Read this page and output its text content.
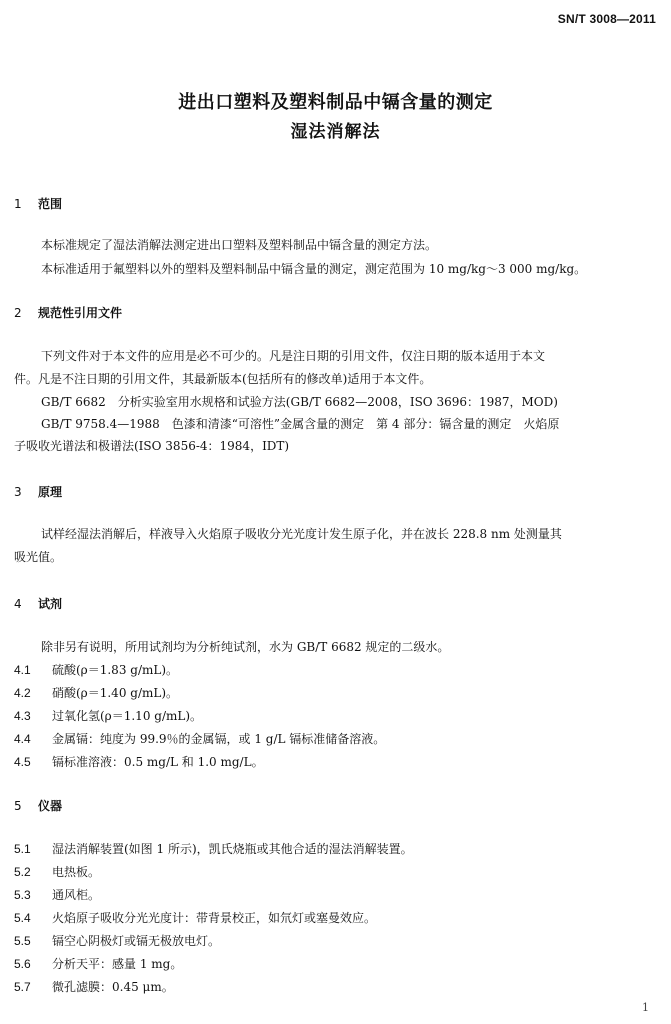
SN/T 3008—2011
进出口塑料及塑料制品中镉含量的测定
湿法消解法
1 范围
本标准规定了湿法消解法测定进出口塑料及塑料制品中镉含量的测定方法。
本标准适用于氟塑料以外的塑料及塑料制品中镉含量的测定，测定范围为 10 mg/kg～3 000 mg/kg。
2 规范性引用文件
下列文件对于本文件的应用是必不可少的。凡是注日期的引用文件，仅注日期的版本适用于本文
件。凡是不注日期的引用文件，其最新版本(包括所有的修改单)适用于本文件。
GB/T 6682　分析实验室用水规格和试验方法(GB/T 6682—2008，ISO 3696：1987，MOD)
GB/T 9758.4—1988　色漆和清漆“可溶性”金属含量的测定　第 4 部分：镉含量的测定　火焰原
子吸收光谱法和极谱法(ISO 3856-4：1984，IDT)
3 原理
试样经湿法消解后，样液导入火焰原子吸收分光光度计发生原子化，并在波长 228.8 nm 处测量其
吸光值。
4 试剂
除非另有说明，所用试剂均为分析纯试剂，水为 GB/T 6682 规定的二级水。
4.1 硫酸(ρ＝1.83 g/mL)。
4.2 硝酸(ρ＝1.40 g/mL)。
4.3 过氧化氢(ρ＝1.10 g/mL)。
4.4 金属镉：纯度为 99.9％的金属镉，或 1 g/L 镉标准储备溶液。
4.5 镉标准溶液：0.5 mg/L 和 1.0 mg/L。
5 仪器
5.1 湿法消解装置(如图 1 所示)，凯氏烧瓶或其他合适的湿法消解装置。
5.2 电热板。
5.3 通风柜。
5.4 火焰原子吸收分光光度计：带背景校正，如氘灯或塞曼效应。
5.5 镉空心阴极灯或镉无极放电灯。
5.6 分析天平：感量 1 mg。
5.7 微孔滤膜：0.45 μm。
1
